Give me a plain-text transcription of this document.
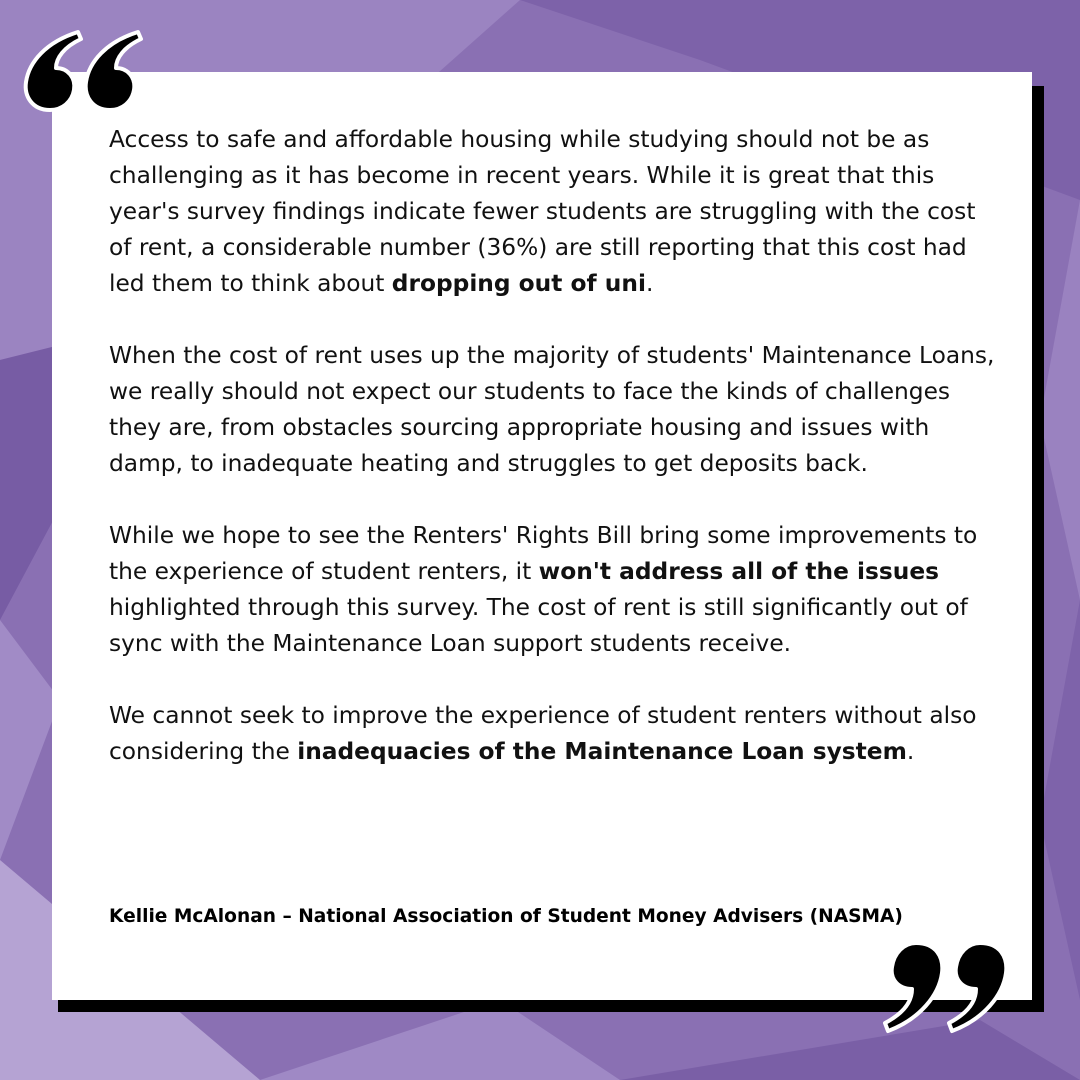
Access to safe and affordable housing while studying should not be as challenging as it has become in recent years. While it is great that this year's survey findings indicate fewer students are struggling with the cost of rent, a considerable number (36%) are still reporting that this cost had led them to think about dropping out of uni.

When the cost of rent uses up the majority of students' Maintenance Loans, we really should not expect our students to face the kinds of challenges they are, from obstacles sourcing appropriate housing and issues with damp, to inadequate heating and struggles to get deposits back.

While we hope to see the Renters' Rights Bill bring some improvements to the experience of student renters, it won't address all of the issues highlighted through this survey. The cost of rent is still significantly out of sync with the Maintenance Loan support students receive.

We cannot seek to improve the experience of student renters without also considering the inadequacies of the Maintenance Loan system.

Kellie McAlonan – National Association of Student Money Advisers (NASMA)
